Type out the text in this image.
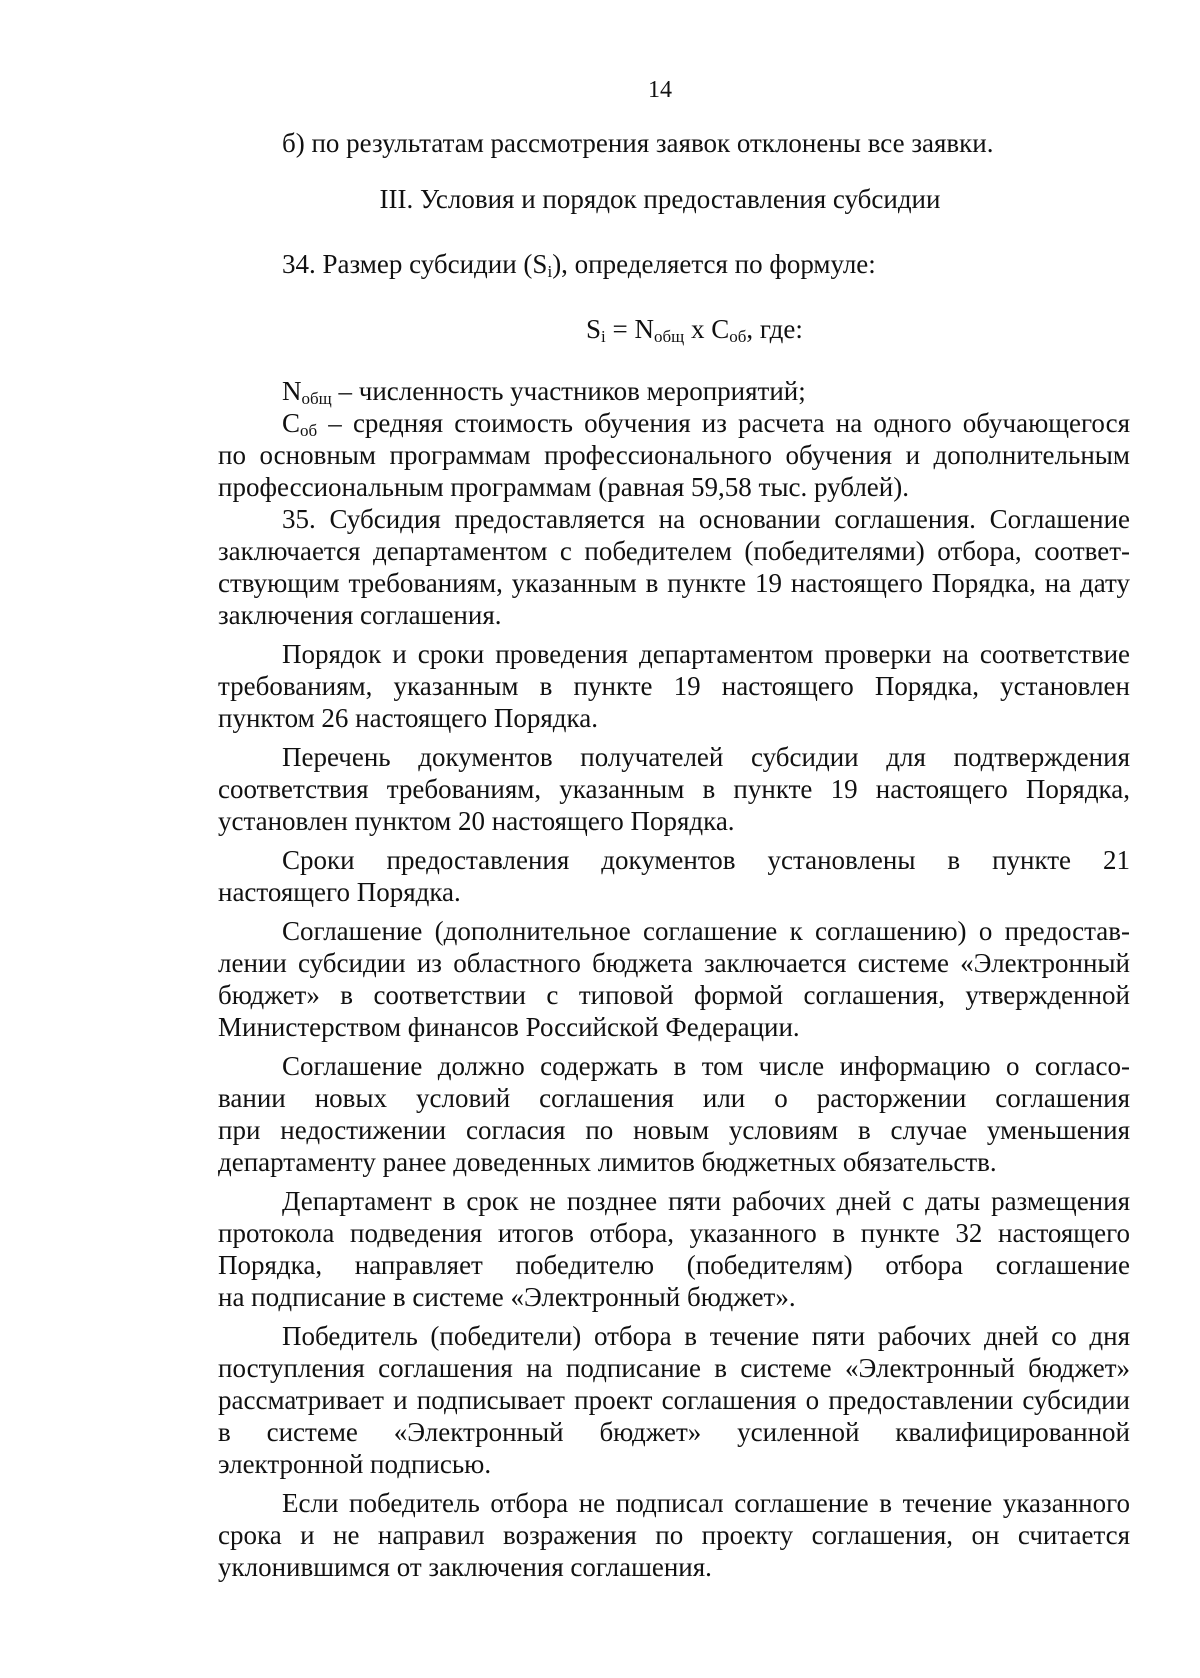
14
б) по результатам рассмотрения заявок отклонены все заявки.
III. Условия и порядок предоставления субсидии
34. Размер субсидии $(S_i)$, определяется по формуле:
$S_i = N_{общ}$ x $С_{об}$, где:
$N_{общ}$ – численность участников мероприятий;
$С_{об}$ – средняя стоимость обучения из расчета на одного обучающегося
по основным программам профессионального обучения и дополнительным
профессиональным программам (равная 59,58 тыс. рублей).
35. Субсидия предоставляется на основании соглашения. Соглашение
заключается департаментом с победителем (победителями) отбора, соответ-
ствующим требованиям, указанным в пункте 19 настоящего Порядка, на дату
заключения соглашения.
Порядок и сроки проведения департаментом проверки на соответствие
требованиям, указанным в пункте 19 настоящего Порядка, установлен
пунктом 26 настоящего Порядка.
Перечень документов получателей субсидии для подтверждения
соответствия требованиям, указанным в пункте 19 настоящего Порядка,
установлен пунктом 20 настоящего Порядка.
Сроки предоставления документов установлены в пункте 21
настоящего Порядка.
Соглашение (дополнительное соглашение к соглашению) о предостав-
лении субсидии из областного бюджета заключается системе «Электронный
бюджет» в соответствии с типовой формой соглашения, утвержденной
Министерством финансов Российской Федерации.
Соглашение должно содержать в том числе информацию о согласо-
вании новых условий соглашения или о расторжении соглашения
при недостижении согласия по новым условиям в случае уменьшения
департаменту ранее доведенных лимитов бюджетных обязательств.
Департамент в срок не позднее пяти рабочих дней с даты размещения
протокола подведения итогов отбора, указанного в пункте 32 настоящего
Порядка, направляет победителю (победителям) отбора соглашение
на подписание в системе «Электронный бюджет».
Победитель (победители) отбора в течение пяти рабочих дней со дня
поступления соглашения на подписание в системе «Электронный бюджет»
рассматривает и подписывает проект соглашения о предоставлении субсидии
в системе «Электронный бюджет» усиленной квалифицированной
электронной подписью.
Если победитель отбора не подписал соглашение в течение указанного
срока и не направил возражения по проекту соглашения, он считается
уклонившимся от заключения соглашения.
